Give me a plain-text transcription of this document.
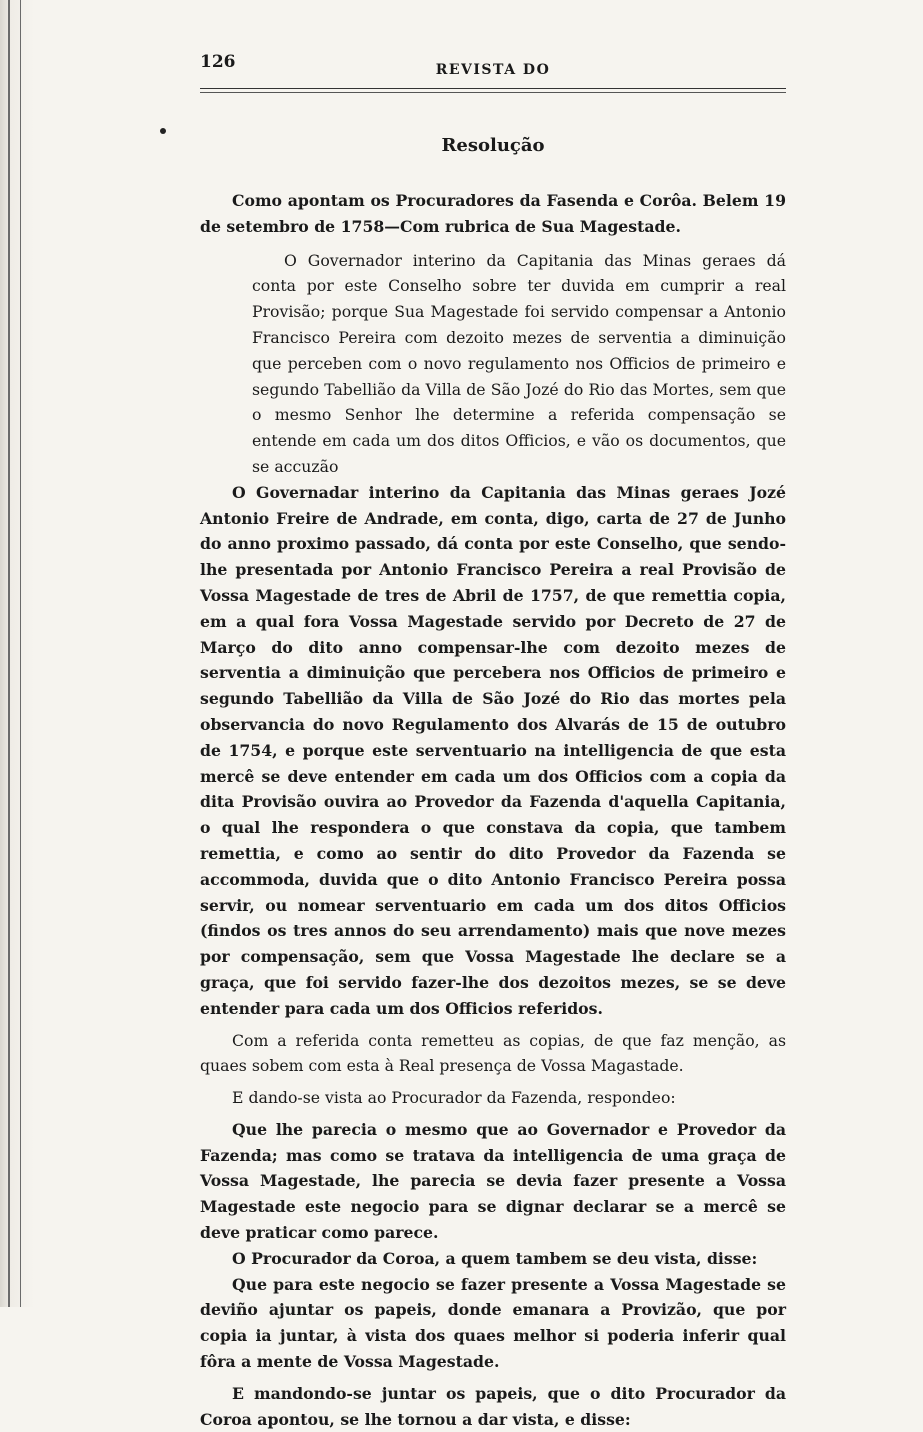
126	REVISTA DO
Resolução

Como apontam os Procuradores da Fasenda e Corôa. Belem 19 de setembro de 1758—Com rubrica de Sua Magestade.

O Governador interino da Capitania das Minas geraes dá conta por este Conselho sobre ter duvida em cumprir a real Provisão; porque Sua Magestade foi servido compensar a Antonio Francisco Pereira com dezoito mezes de serventia a diminuição que perceben com o novo regulamento nos Officios de primeiro e segundo Tabellião da Villa de São Jozé do Rio das Mortes, sem que o mesmo Senhor lhe determine a referida compensação se entende em cada um dos ditos Officios, e vão os documentos, que se accuzão

O Governadar interino da Capitania das Minas geraes Jozé Antonio Freire de Andrade, em conta, digo, carta de 27 de Junho do anno proximo passado, dá conta por este Conselho, que sendo-lhe presentada por Antonio Francisco Pereira a real Provisão de Vossa Magestade de tres de Abril de 1757, de que remettia copia, em a qual fora Vossa Magestade servido por Decreto de 27 de Março do dito anno compensar-lhe com dezoito mezes de serventia a diminuição que percebera nos Officios de primeiro e segundo Tabellião da Villa de São Jozé do Rio das mortes pela observancia do novo Regulamento dos Alvarás de 15 de outubro de 1754, e porque este serventuario na intelligencia de que esta mercê se deve entender em cada um dos Officios com a copia da dita Provisão ouvira ao Provedor da Fazenda d'aquella Capitania, o qual lhe respondera o que constava da copia, que tambem remettia, e como ao sentir do dito Provedor da Fazenda se accommoda, duvida que o dito Antonio Francisco Pereira possa servir, ou nomear serventuario em cada um dos ditos Officios (findos os tres annos do seu arrendamento) mais que nove mezes por compensação, sem que Vossa Magestade lhe declare se a graça, que foi servido fazer-lhe dos dezoitos mezes, se se deve entender para cada um dos Officios referidos.

Com a referida conta remetteu as copias, de que faz menção, as quaes sobem com esta à Real presença de Vossa Magastade.

E dando-se vista ao Procurador da Fazenda, respondeo:

Que lhe parecia o mesmo que ao Governador e Provedor da Fazenda; mas como se tratava da intelligencia de uma graça de Vossa Magestade, lhe parecia se devia fazer presente a Vossa Magestade este negocio para se dignar declarar se a mercê se deve praticar como parece.

O Procurador da Coroa, a quem tambem se deu vista, disse:

Que para este negocio se fazer presente a Vossa Magestade se deviño ajuntar os papeis, donde emanara a Provizão, que por copia ia juntar, à vista dos quaes melhor si poderia inferir qual fôra a mente de Vossa Magestade.

E mandondo-se juntar os papeis, que o dito Procurador da Coroa apontou, se lhe tornou a dar vista, e disse:
